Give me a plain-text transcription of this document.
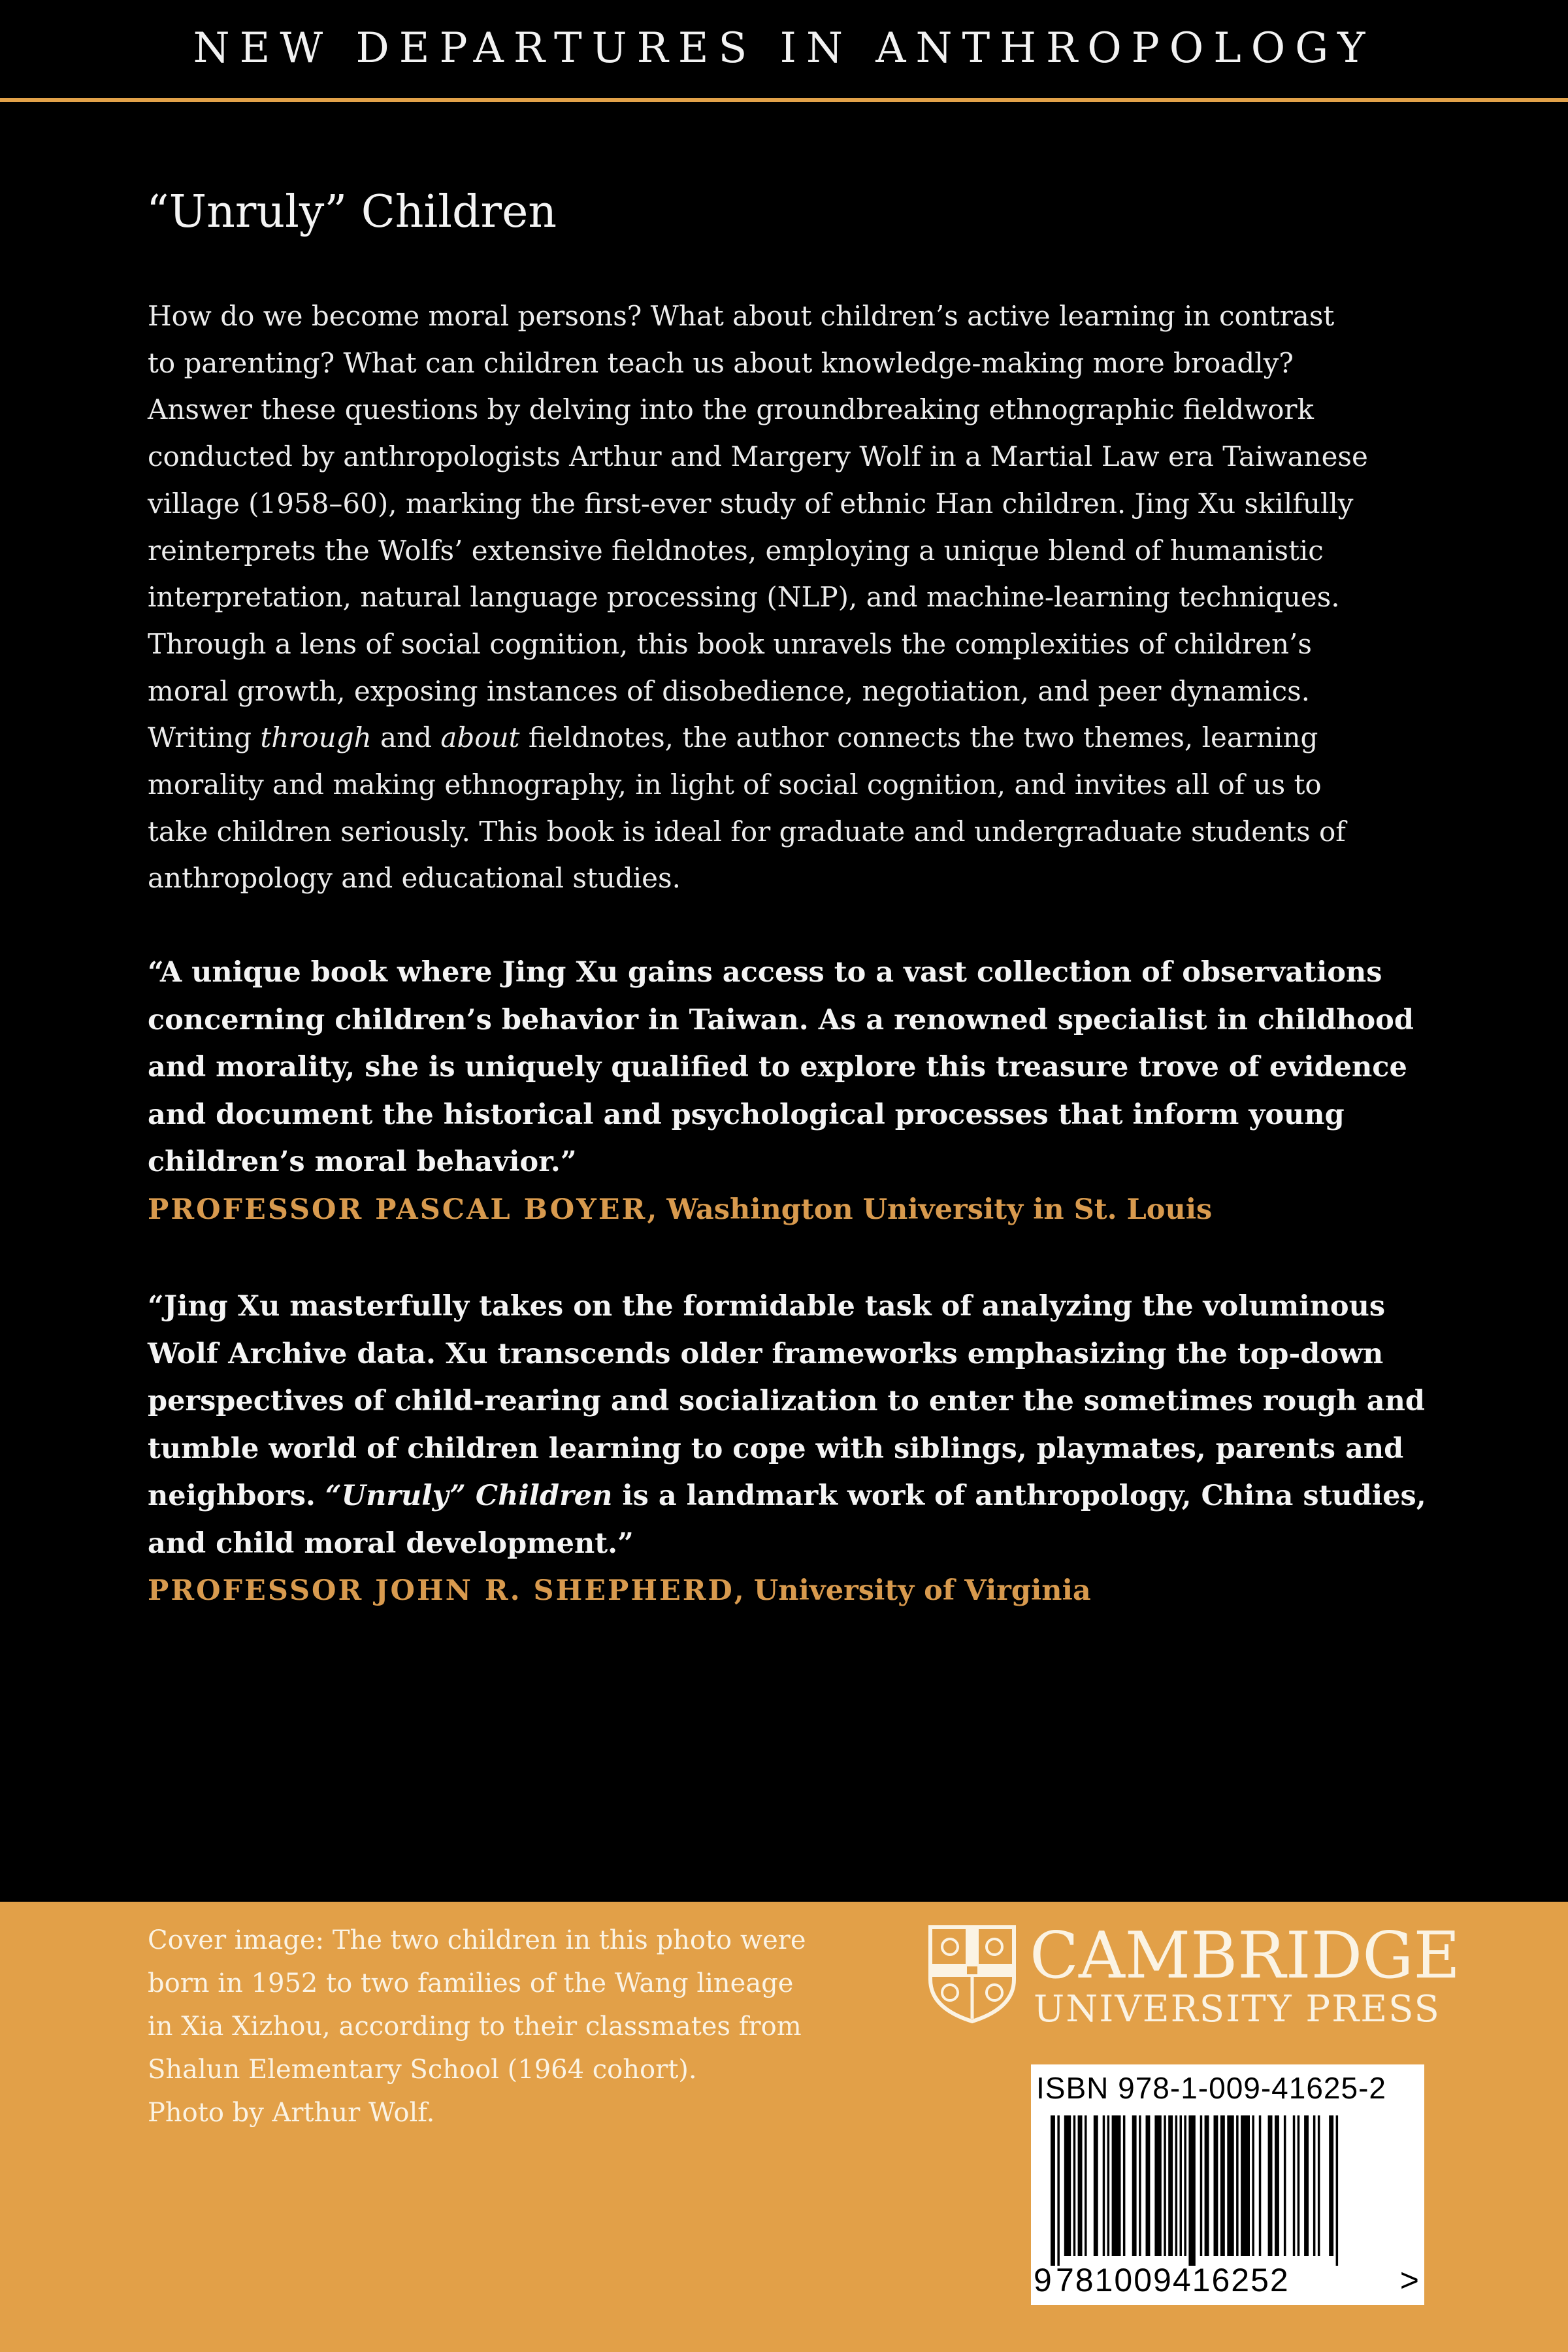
NEW DEPARTURES IN ANTHROPOLOGY
“Unruly” Children
How do we become moral persons? What about children’s active learning in contrast
to parenting? What can children teach us about knowledge-making more broadly?
Answer these questions by delving into the groundbreaking ethnographic fieldwork
conducted by anthropologists Arthur and Margery Wolf in a Martial Law era Taiwanese
village (1958–60), marking the first-ever study of ethnic Han children. Jing Xu skilfully
reinterprets the Wolfs’ extensive fieldnotes, employing a unique blend of humanistic
interpretation, natural language processing (NLP), and machine-learning techniques.
Through a lens of social cognition, this book unravels the complexities of children’s
moral growth, exposing instances of disobedience, negotiation, and peer dynamics.
Writing through and about fieldnotes, the author connects the two themes, learning
morality and making ethnography, in light of social cognition, and invites all of us to
take children seriously. This book is ideal for graduate and undergraduate students of
anthropology and educational studies.
“A unique book where Jing Xu gains access to a vast collection of observations
concerning children’s behavior in Taiwan. As a renowned specialist in childhood
and morality, she is uniquely qualified to explore this treasure trove of evidence
and document the historical and psychological processes that inform young
children’s moral behavior.”
PROFESSOR PASCAL BOYER, Washington University in St. Louis
“Jing Xu masterfully takes on the formidable task of analyzing the voluminous
Wolf Archive data. Xu transcends older frameworks emphasizing the top-down
perspectives of child-rearing and socialization to enter the sometimes rough and
tumble world of children learning to cope with siblings, playmates, parents and
neighbors. “Unruly” Children is a landmark work of anthropology, China studies,
and child moral development.”
PROFESSOR JOHN R. SHEPHERD, University of Virginia
Cover image: The two children in this photo were
born in 1952 to two families of the Wang lineage
in Xia Xizhou, according to their classmates from
Shalun Elementary School (1964 cohort).
Photo by Arthur Wolf.
CAMBRIDGE
UNIVERSITY PRESS
ISBN 978-1-009-41625-2
9 781009416252	>
